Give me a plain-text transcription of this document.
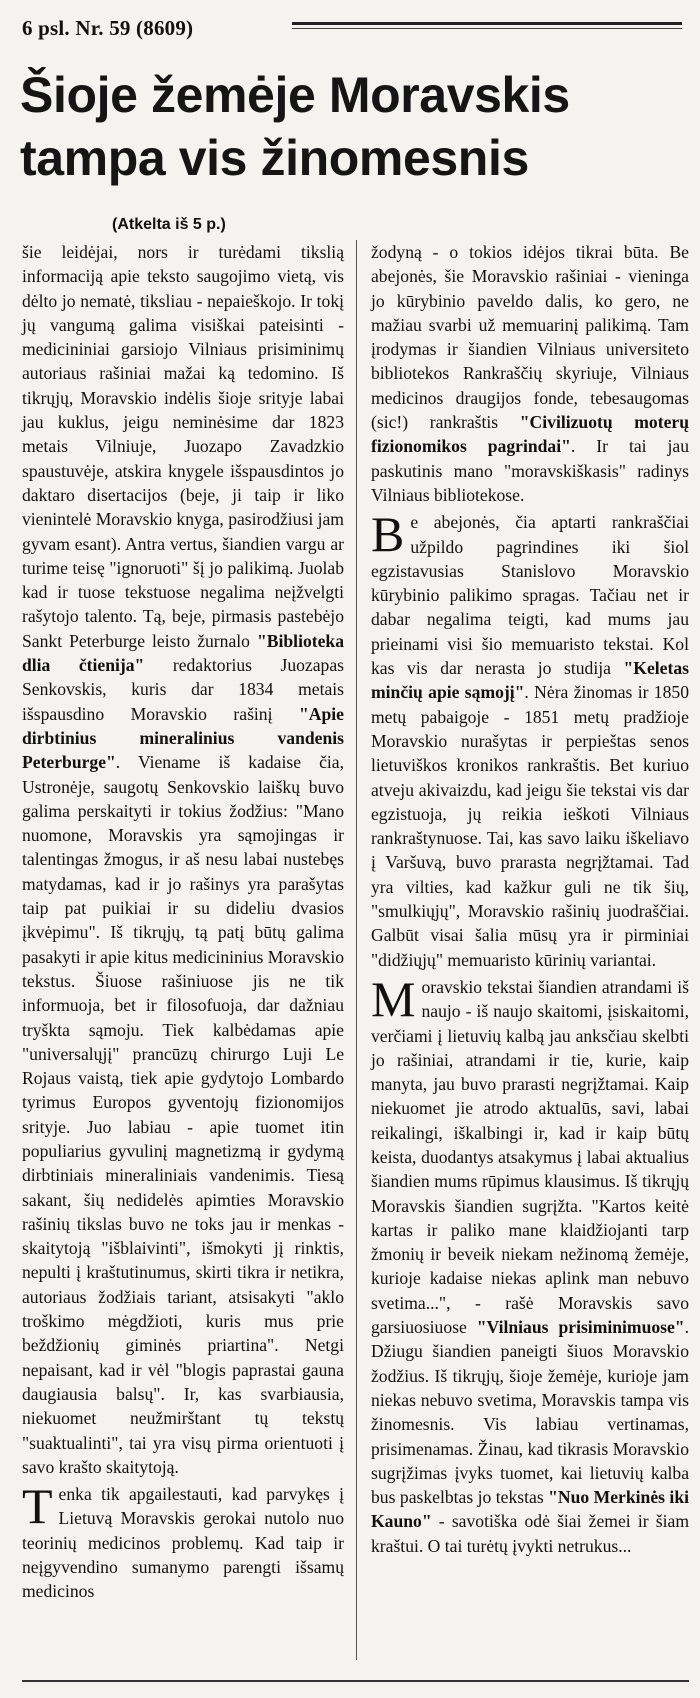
6 psl. Nr. 59 (8609)
Šioje žemėje Moravskis
tampa vis žinomesnis
(Atkelta iš 5 p.)

šie leidėjai, nors ir turėdami tikslią informaciją apie teksto saugojimo vietą, vis dėlto jo nematė, tiksliau - nepaieškojo. Ir tokį jų vangumą galima visiškai pateisinti - medicininiai garsiojo Vilniaus prisiminimų autoriaus rašiniai mažai ką tedomino. Iš tikrųjų, Moravskio indėlis šioje srityje labai jau kuklus, jeigu neminėsime dar 1823 metais Vilniuje, Juozapo Zavadzkio spaustuvėje, atskira knygele išspausdintos jo daktaro disertacijos (beje, ji taip ir liko vienintelė Moravskio knyga, pasirodžiusi jam gyvam esant). Antra vertus, šiandien vargu ar turime teisę "ignoruoti" šį jo palikimą. Juolab kad ir tuose tekstuose negalima neįžvelgti rašytojo talento. Tą, beje, pirmasis pastebėjo Sankt Peterburge leisto žurnalo "Biblioteka dlia čtienija" redaktorius Juozapas Senkovskis, kuris dar 1834 metais išspausdino Moravskio rašinį "Apie dirbtinius mineralinius vandenis Peterburge". Viename iš kadaise čia, Ustronėje, saugotų Senkovskio laiškų buvo galima perskaityti ir tokius žodžius: "Mano nuomone, Moravskis yra sąmojingas ir talentingas žmogus, ir aš nesu labai nustebęs matydamas, kad ir jo rašinys yra parašytas taip pat puikiai ir su dideliu dvasios įkvėpimu". Iš tikrųjų, tą patį būtų galima pasakyti ir apie kitus medicininius Moravskio tekstus. Šiuose rašiniuose jis ne tik informuoja, bet ir filosofuoja, dar dažniau tryškta sąmoju. Tiek kalbėdamas apie "universalųjį" prancūzų chirurgo Luji Le Rojaus vaistą, tiek apie gydytojo Lombardo tyrimus Europos gyventojų fizionomijos srityje. Juo labiau - apie tuomet itin populiarius gyvulinį magnetizmą ir gydymą dirbtiniais mineraliniais vandenimis. Tiesą sakant, šių nedidelės apimties Moravskio rašinių tikslas buvo ne toks jau ir menkas - skaitytoją "išblaivinti", išmokyti jį rinktis, nepulti į kraštutinumus, skirti tikra ir netikra, autoriaus žodžiais tariant, atsisakyti "aklo troškimo mėgdžioti, kuris mus prie beždžionių giminės priartina". Netgi nepaisant, kad ir vėl "blogis paprastai gauna daugiausia balsų". Ir, kas svarbiausia, niekuomet neužmirštant tų tekstų "suaktualinti", tai yra visų pirma orientuoti į savo krašto skaitytoją.

Tenka tik apgailestauti, kad parvykęs į Lietuvą Moravskis gerokai nutolo nuo teorinių medicinos problemų. Kad taip ir neįgyvendino sumanymo parengti išsamų medicinos

žodyną - o tokios idėjos tikrai būta. Be abejonės, šie Moravskio rašiniai - vieninga jo kūrybinio paveldo dalis, ko gero, ne mažiau svarbi už memuarinį palikimą. Tam įrodymas ir šiandien Vilniaus universiteto bibliotekos Rankraščių skyriuje, Vilniaus medicinos draugijos fonde, tebesaugomas (sic!) rankraštis "Civilizuotų moterų fizionomikos pagrindai". Ir tai jau paskutinis mano "moravskiškasis" radinys Vilniaus bibliotekose.

Be abejonės, čia aptarti rankraščiai užpildo pagrindines iki šiol egzistavusias Stanislovo Moravskio kūrybinio palikimo spragas. Tačiau net ir dabar negalima teigti, kad mums jau prieinami visi šio memuaristo tekstai. Kol kas vis dar nerasta jo studija "Keletas minčių apie sąmojį". Nėra žinomas ir 1850 metų pabaigoje - 1851 metų pradžioje Moravskio nurašytas ir perpieštas senos lietuviškos kronikos rankraštis. Bet kuriuo atveju akivaizdu, kad jeigu šie tekstai vis dar egzistuoja, jų reikia ieškoti Vilniaus rankraštynuose. Tai, kas savo laiku iškeliavo į Varšuvą, buvo prarasta negrįžtamai. Tad yra vilties, kad kažkur guli ne tik šių, "smulkiųjų", Moravskio rašinių juodraščiai. Galbūt visai šalia mūsų yra ir pirminiai "didžiųjų" memuaristo kūrinių variantai.

Moravskio tekstai šiandien atrandami iš naujo - iš naujo skaitomi, įsiskaitomi, verčiami į lietuvių kalbą jau anksčiau skelbti jo rašiniai, atrandami ir tie, kurie, kaip manyta, jau buvo prarasti negrįžtamai. Kaip niekuomet jie atrodo aktualūs, savi, labai reikalingi, iškalbingi ir, kad ir kaip būtų keista, duodantys atsakymus į labai aktualius šiandien mums rūpimus klausimus. Iš tikrųjų Moravskis šiandien sugrįžta. "Kartos keitė kartas ir paliko mane klaidžiojanti tarp žmonių ir beveik niekam nežinomą žemėje, kurioje kadaise niekas aplink man nebuvo svetima...", - rašė Moravskis savo garsiuosiuose "Vilniaus prisiminimuose". Džiugu šiandien paneigti šiuos Moravskio žodžius. Iš tikrųjų, šioje žemėje, kurioje jam niekas nebuvo svetima, Moravskis tampa vis žinomesnis. Vis labiau vertinamas, prisimenamas. Žinau, kad tikrasis Moravskio sugrįžimas įvyks tuomet, kai lietuvių kalba bus paskelbtas jo tekstas "Nuo Merkinės iki Kauno" - savotiška odė šiai žemei ir šiam kraštui. O tai turėtų įvykti netrukus...
